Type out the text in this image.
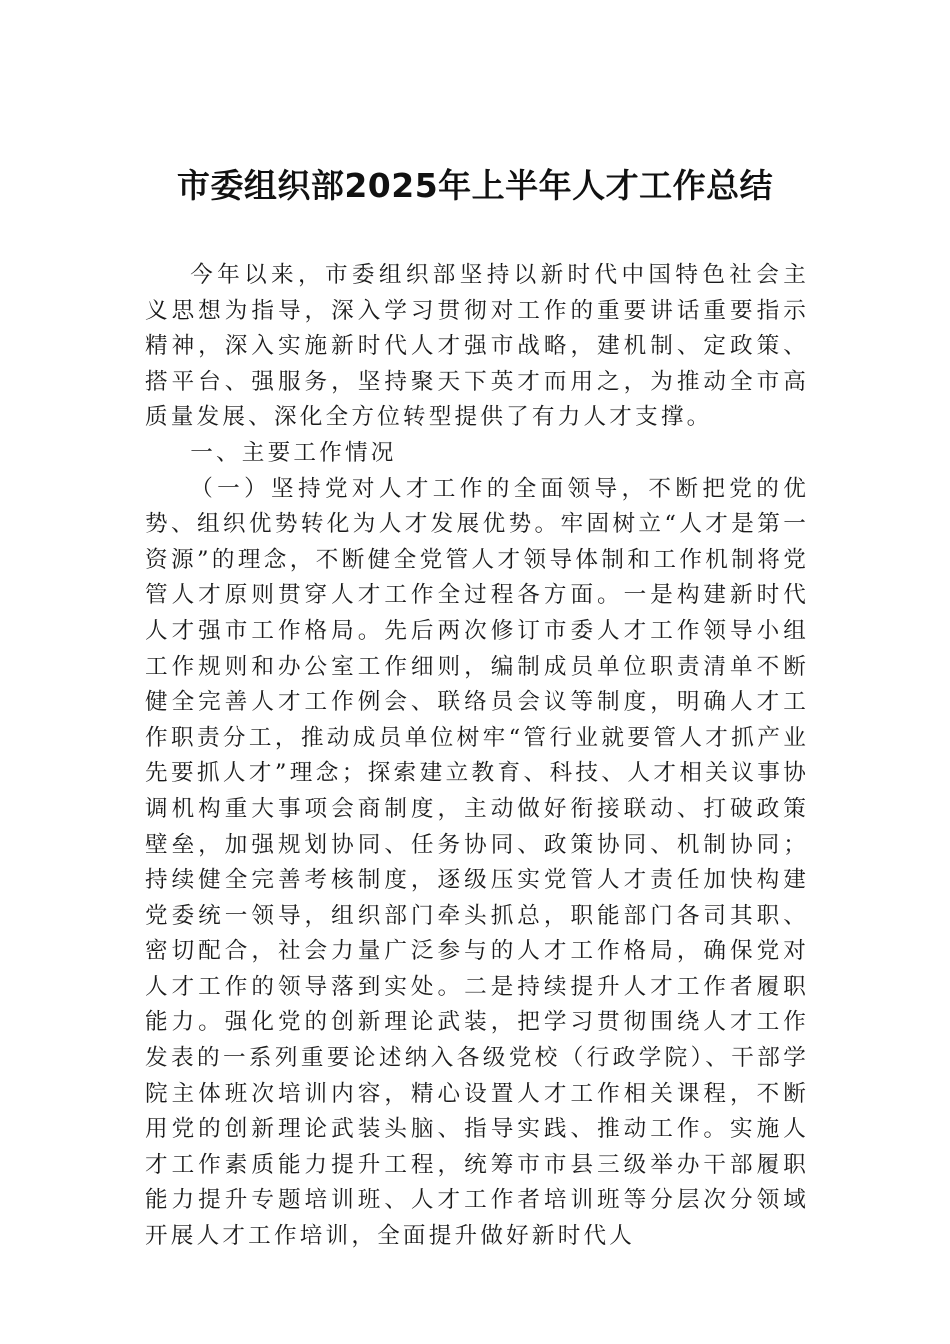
市委组织部2025年上半年人才工作总结

今年以来，市委组织部坚持以新时代中国特色社会主义思想为指导，深入学习贯彻对工作的重要讲话重要指示精神，深入实施新时代人才强市战略，建机制、定政策、搭平台、强服务，坚持聚天下英才而用之，为推动全市高质量发展、深化全方位转型提供了有力人才支撑。

一、主要工作情况

（一）坚持党对人才工作的全面领导，不断把党的优势、组织优势转化为人才发展优势。牢固树立“人才是第一资源”的理念，不断健全党管人才领导体制和工作机制将党管人才原则贯穿人才工作全过程各方面。一是构建新时代人才强市工作格局。先后两次修订市委人才工作领导小组工作规则和办公室工作细则，编制成员单位职责清单不断健全完善人才工作例会、联络员会议等制度，明确人才工作职责分工，推动成员单位树牢“管行业就要管人才抓产业先要抓人才”理念；探索建立教育、科技、人才相关议事协调机构重大事项会商制度，主动做好衔接联动、打破政策壁垒，加强规划协同、任务协同、政策协同、机制协同；持续健全完善考核制度，逐级压实党管人才责任加快构建党委统一领导，组织部门牵头抓总，职能部门各司其职、密切配合，社会力量广泛参与的人才工作格局，确保党对人才工作的领导落到实处。二是持续提升人才工作者履职能力。强化党的创新理论武装，把学习贯彻围绕人才工作发表的一系列重要论述纳入各级党校（行政学院）、干部学院主体班次培训内容，精心设置人才工作相关课程，不断用党的创新理论武装头脑、指导实践、推动工作。实施人才工作素质能力提升工程，统筹市市县三级举办干部履职能力提升专题培训班、人才工作者培训班等分层次分领域开展人才工作培训，全面提升做好新时代人
